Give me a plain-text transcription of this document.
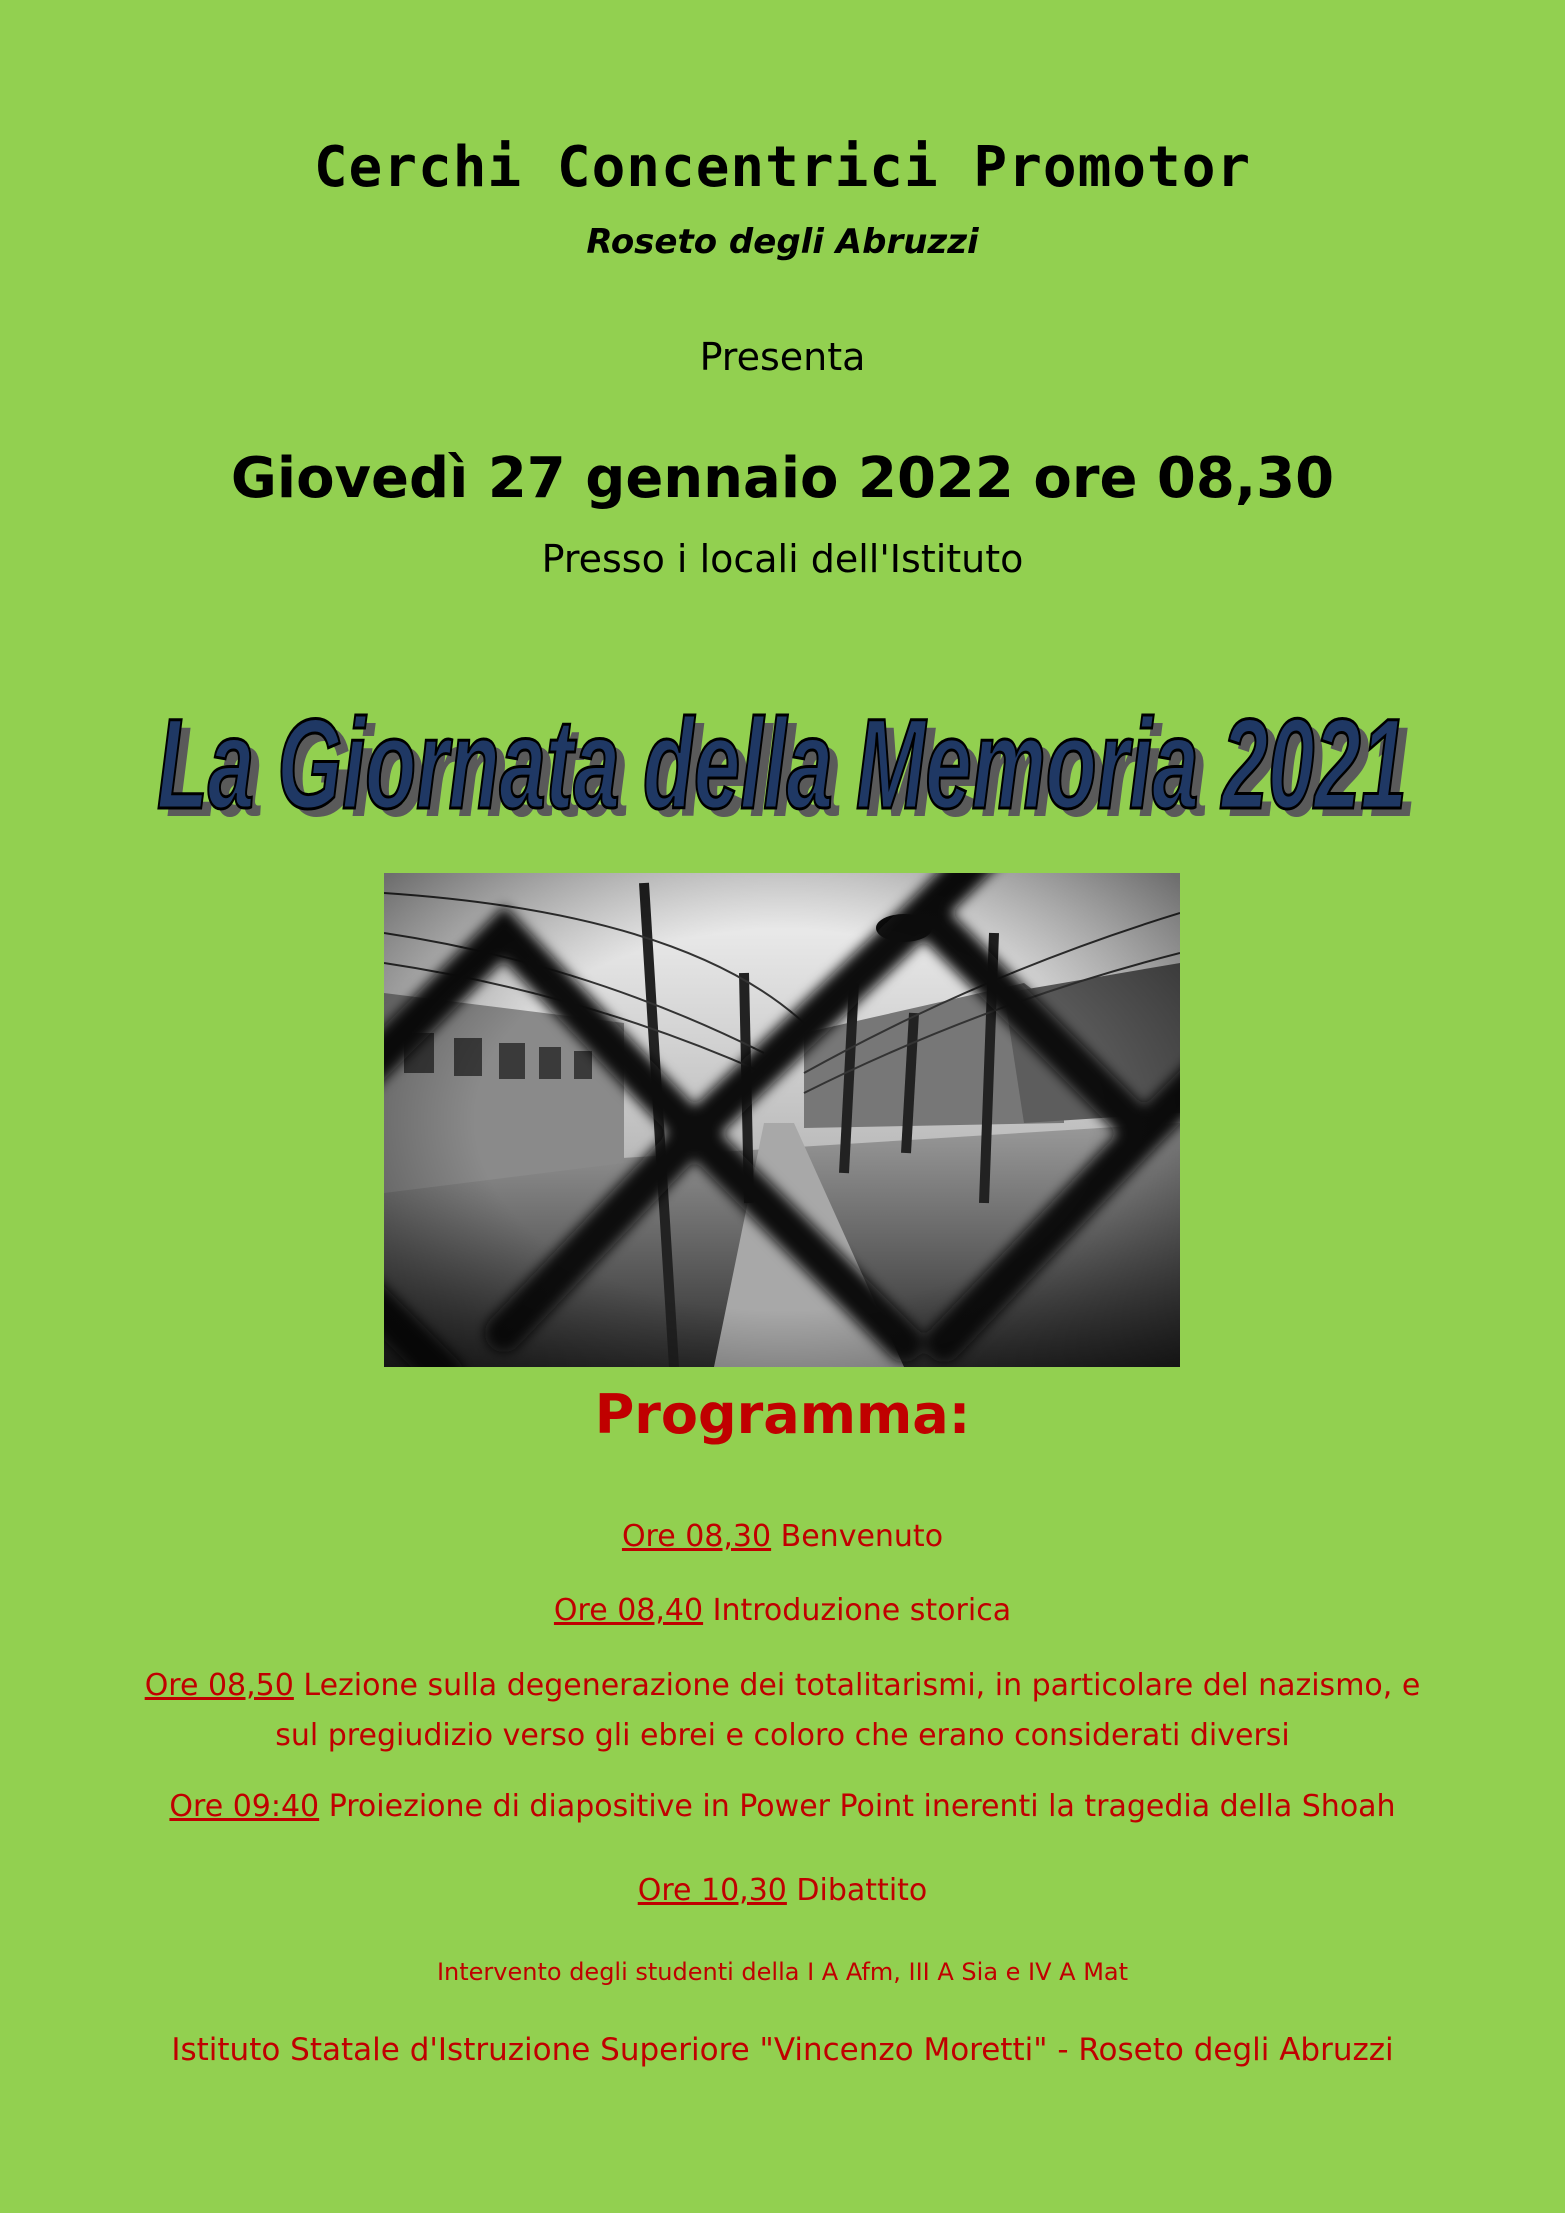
Cerchi Concentrici Promotor
Roseto degli Abruzzi
Presenta
Giovedì 27 gennaio 2022 ore 08,30
Presso i locali dell'Istituto
La Giornata della Memoria 2021
La Giornata della Memoria 2021
Programma:
Ore 08,30 Benvenuto
Ore 08,40 Introduzione storica
Ore 08,50 Lezione sulla degenerazione dei totalitarismi, in particolare del nazismo, e sul pregiudizio verso gli ebrei e coloro che erano considerati diversi
Ore 09:40 Proiezione di diapositive in Power Point inerenti la tragedia della Shoah
Ore 10,30 Dibattito
Intervento degli studenti della I A Afm, III A Sia e IV A Mat
Istituto Statale d'Istruzione Superiore "Vincenzo Moretti" - Roseto degli Abruzzi
